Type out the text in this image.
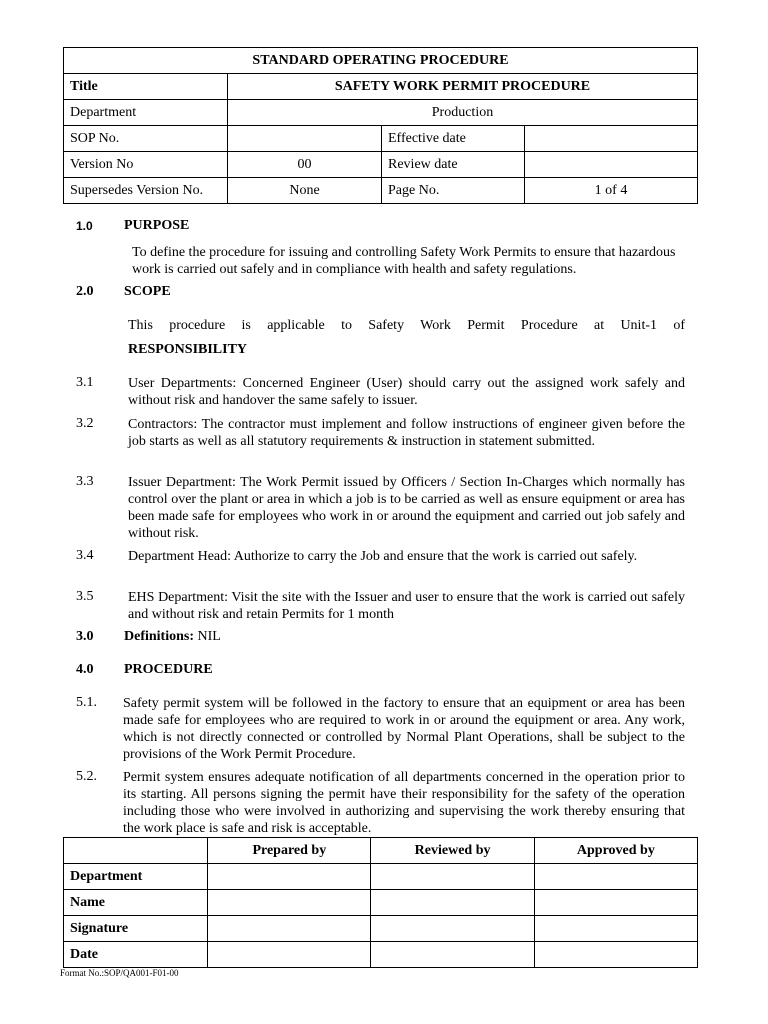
STANDARD OPERATING PROCEDURE			
Title	SAFETY WORK PERMIT PROCEDURE		
Department	Production		
SOP No.		Effective date	
Version No	00	Review date	
Supersedes Version No.	None	Page No.	1 of 4
1.0 PURPOSE
To define the procedure for issuing and controlling Safety Work Permits to ensure that hazardous work is carried out safely and in compliance with health and safety regulations.
2.0 SCOPE
This procedure is applicable to Safety Work Permit Procedure at Unit-1 of
RESPONSIBILITY
3.1 User Departments: Concerned Engineer (User) should carry out the assigned work safely and without risk and handover the same safely to issuer.
3.2 Contractors: The contractor must implement and follow instructions of engineer given before the job starts as well as all statutory requirements & instruction in statement submitted.
3.3 Issuer Department: The Work Permit issued by Officers / Section In-Charges which normally has control over the plant or area in which a job is to be carried as well as ensure equipment or area has been made safe for employees who work in or around the equipment and carried out job safely and without risk.
3.4 Department Head: Authorize to carry the Job and ensure that the work is carried out safely.
3.5 EHS Department: Visit the site with the Issuer and user to ensure that the work is carried out safely and without risk and retain Permits for 1 month
3.0 Definitions: NIL
4.0 PROCEDURE
5.1. Safety permit system will be followed in the factory to ensure that an equipment or area has been made safe for employees who are required to work in or around the equipment or area. Any work, which is not directly connected or controlled by Normal Plant Operations, shall be subject to the provisions of the Work Permit Procedure.
5.2. Permit system ensures adequate notification of all departments concerned in the operation prior to its starting. All persons signing the permit have their responsibility for the safety of the operation including those who were involved in authorizing and supervising the work thereby ensuring that the work place is safe and risk is acceptable.
	Prepared by	Reviewed by	Approved by
Department			
Name			
Signature			
Date			
Format No.:SOP/QA001-F01-00
